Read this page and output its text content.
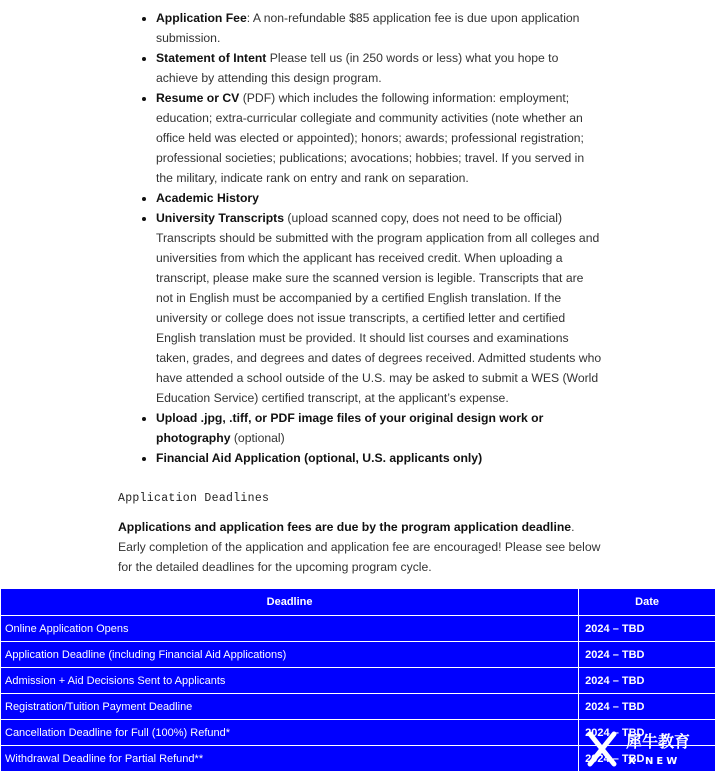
• Application Fee: A non-refundable $85 application fee is due upon application submission.
• Statement of Intent Please tell us (in 250 words or less) what you hope to achieve by attending this design program.
• Resume or CV (PDF) which includes the following information: employment; education; extra-curricular collegiate and community activities (note whether an office held was elected or appointed); honors; awards; professional registration; professional societies; publications; avocations; hobbies; travel. If you served in the military, indicate rank on entry and rank on separation.
• Academic History
• University Transcripts (upload scanned copy, does not need to be official) Transcripts should be submitted with the program application from all colleges and universities from which the applicant has received credit. When uploading a transcript, please make sure the scanned version is legible. Transcripts that are not in English must be accompanied by a certified English translation. If the university or college does not issue transcripts, a certified letter and certified English translation must be provided. It should list courses and examinations taken, grades, and degrees and dates of degrees received. Admitted students who have attended a school outside of the U.S. may be asked to submit a WES (World Education Service) certified transcript, at the applicant’s expense.
• Upload .jpg, .tiff, or PDF image files of your original design work or photography (optional)
• Financial Aid Application (optional, U.S. applicants only)
Application Deadlines

Applications and application fees are due by the program application deadline. Early completion of the application and application fee are encouraged! Please see below for the detailed deadlines for the upcoming program cycle.

Deadline	Date
Online Application Opens	2024 – TBD
Application Deadline (including Financial Aid Applications)	2024 – TBD
Admission + Aid Decisions Sent to Applicants	2024 – TBD
Registration/Tuition Payment Deadline	2024 – TBD
Cancellation Deadline for Full (100%) Refund*	2024 – TBD
Withdrawal Deadline for Partial Refund**	2024 – TBD
犀牛教育
X-NEW
